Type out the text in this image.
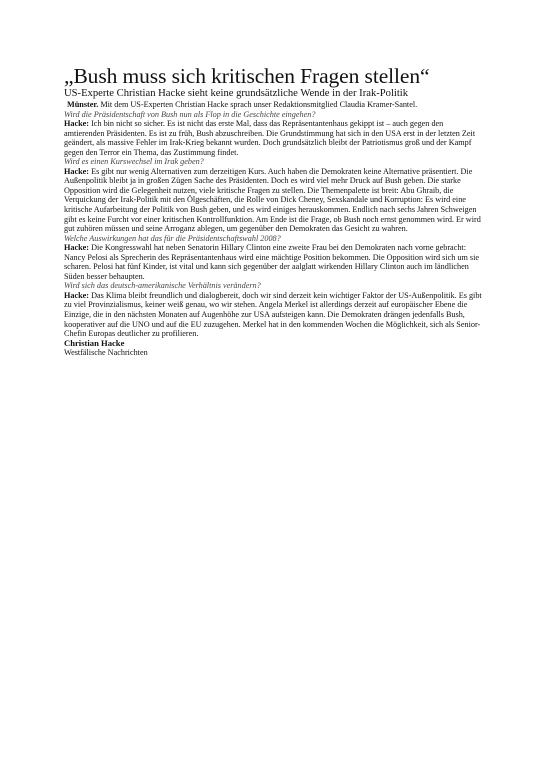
„Bush muss sich kritischen Fragen stellen“
US-Experte Christian Hacke sieht keine grundsätzliche Wende in der Irak-Politik

Münster. Mit dem US-Experten Christian Hacke sprach unser Redaktionsmitglied Claudia Kramer-Santel.

Wird die Präsidentschaft von Bush nun als Flop in die Geschichte eingehen?

Hacke: Ich bin nicht so sicher. Es ist nicht das erste Mal, dass das Repräsentantenhaus gekippt ist – auch gegen den amtierenden Präsidenten. Es ist zu früh, Bush abzuschreiben. Die Grundstimmung hat sich in den USA erst in der letzten Zeit geändert, als massive Fehler im Irak-Krieg bekannt wurden. Doch grundsätzlich bleibt der Patriotismus groß und der Kampf gegen den Terror ein Thema, das Zustimmung findet.

Wird es einen Kurswechsel im Irak geben?

Hacke: Es gibt nur wenig Alternativen zum derzeitigen Kurs. Auch haben die Demokraten keine Alternative präsentiert. Die Außenpolitik bleibt ja in großen Zügen Sache des Präsidenten. Doch es wird viel mehr Druck auf Bush geben. Die starke Opposition wird die Gelegenheit nutzen, viele kritische Fragen zu stellen. Die Themenpalette ist breit: Abu Ghraib, die Verquickung der Irak-Politik mit den Ölgeschäften, die Rolle von Dick Cheney, Sexskandale und Korruption: Es wird eine kritische Aufarbeitung der Politik von Bush geben, und es wird einiges herauskommen. Endlich nach sechs Jahren Schweigen gibt es keine Furcht vor einer kritischen Kontrollfunktion. Am Ende ist die Frage, ob Bush noch ernst genommen wird. Er wird gut zuhören müssen und seine Arroganz ablegen, um gegenüber den Demokraten das Gesicht zu wahren.

Welche Auswirkungen hat das für die Präsidentschaftswahl 2008?

Hacke: Die Kongresswahl hat neben Senatorin Hillary Clinton eine zweite Frau bei den Demokraten nach vorne gebracht: Nancy Pelosi als Sprecherin des Repräsentantenhaus wird eine mächtige Position bekommen. Die Opposition wird sich um sie scharen. Pelosi hat fünf Kinder, ist vital und kann sich gegenüber der aalglatt wirkenden Hillary Clinton auch im ländlichen Süden besser behaupten.

Wird sich das deutsch-amerikanische Verhältnis verändern?

Hacke: Das Klima bleibt freundlich und dialogbereit, doch wir sind derzeit kein wichtiger Faktor der US-Außenpolitik. Es gibt zu viel Provinzialismus, keiner weiß genau, wo wir stehen. Angela Merkel ist allerdings derzeit auf europäischer Ebene die Einzige, die in den nächsten Monaten auf Augenhöhe zur USA aufsteigen kann. Die Demokraten drängen jedenfalls Bush, kooperativer auf die UNO und auf die EU zuzugehen. Merkel hat in den kommenden Wochen die Möglichkeit, sich als Senior-Chefin Europas deutlicher zu profilieren.

Christian Hacke

Westfälische Nachrichten
